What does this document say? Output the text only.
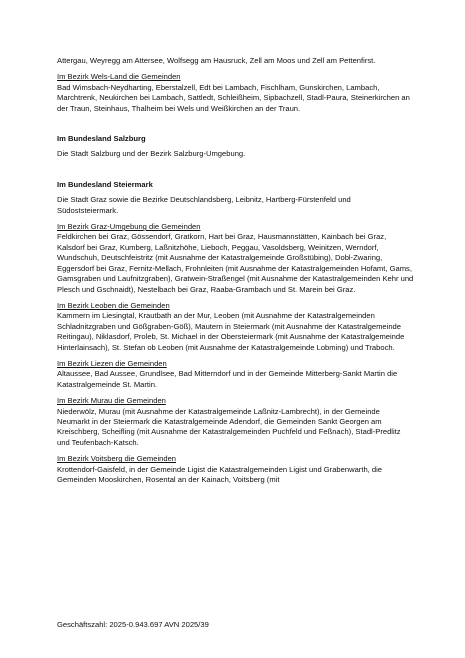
Attergau, Weyregg am Attersee, Wolfsegg am Hausruck, Zell am Moos und Zell am Pettenfirst.

Im Bezirk Wels-Land die Gemeinden

Bad Wimsbach-Neydharting, Eberstalzell, Edt bei Lambach, Fischlham, Gunskirchen, Lambach, Marchtrenk, Neukirchen bei Lambach, Sattledt, Schleißheim, Sipbachzell, Stadl-Paura, Steinerkirchen an der Traun, Steinhaus, Thalheim bei Wels und Weißkirchen an der Traun.

Im Bundesland Salzburg

Die Stadt Salzburg und der Bezirk Salzburg-Umgebung.

Im Bundesland Steiermark

Die Stadt Graz sowie die Bezirke Deutschlandsberg, Leibnitz, Hartberg-Fürstenfeld und Südoststeiermark.

Im Bezirk Graz-Umgebung die Gemeinden

Feldkirchen bei Graz, Gössendorf, Gratkorn, Hart bei Graz, Hausmannstätten, Kainbach bei Graz, Kalsdorf bei Graz, Kumberg, Laßnitzhöhe, Lieboch, Peggau, Vasoldsberg, Weinitzen, Werndorf, Wundschuh, Deutschfeistritz (mit Ausnahme der Katastralgemeinde Großstübing), Dobl-Zwaring, Eggersdorf bei Graz, Fernitz-Mellach, Frohnleiten (mit Ausnahme der Katastralgemeinden Hofamt, Gams, Gamsgraben und Laufnitzgraben), Gratwein-Straßengel (mit Ausnahme der Katastralgemeinden Kehr und Plesch und Gschnaidt), Nestelbach bei Graz, Raaba-Grambach und St. Marein bei Graz.

Im Bezirk Leoben die Gemeinden

Kammern im Liesingtal, Krautbath an der Mur, Leoben (mit Ausnahme der Katastralgemeinden Schladnitzgraben und Gößgraben-Göß), Mautern in Steiermark (mit Ausnahme der Katastralgemeinde Reitingau), Niklasdorf, Proleb, St. Michael in der Obersteiermark (mit Ausnahme der Katastralgemeinde Hinterlainsach), St. Stefan ob Leoben (mit Ausnahme der Katastralgemeinde Lobming) und Traboch.

Im Bezirk Liezen die Gemeinden

Altaussee, Bad Aussee, Grundlsee, Bad Mitterndorf und in der Gemeinde Mitterberg-Sankt Martin die Katastralgemeinde St. Martin.

Im Bezirk Murau die Gemeinden

Niederwölz, Murau (mit Ausnahme der Katastralgemeinde Laßnitz-Lambrecht), in der Gemeinde Neumarkt in der Steiermark die Katastralgemeinde Adendorf, die Gemeinden Sankt Georgen am Kreischberg, Scheifling (mit Ausnahme der Katastralgemeinden Puchfeld und Feßnach), Stadl-Predlitz und Teufenbach-Katsch.

Im Bezirk Voitsberg die Gemeinden

Krottendorf-Gaisfeld, in der Gemeinde Ligist die Katastralgemeinden Ligist und Grabenwarth, die Gemeinden Mooskirchen, Rosental an der Kainach, Voitsberg (mit

Geschäftszahl: 2025-0.943.697 AVN 2025/39
